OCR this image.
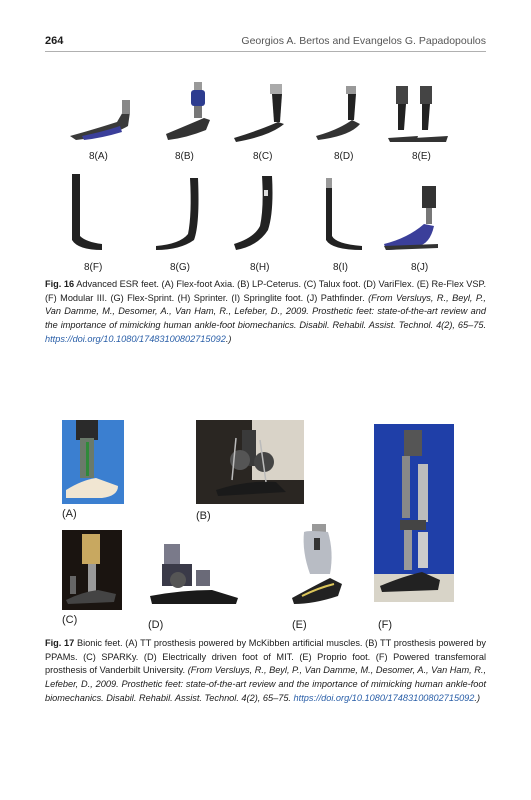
264	Georgios A. Bertos and Evangelos G. Papadopoulos
8(A)	8(B)	8(C)	8(D)	8(E)
8(F)	8(G)	8(H)	8(I)	8(J)
Fig. 16 Advanced ESR feet. (A) Flex-foot Axia. (B) LP-Ceterus. (C) Talux foot. (D) VariFlex. (E) Re-Flex VSP. (F) Modular III. (G) Flex-Sprint. (H) Sprinter. (I) Springlite foot. (J) Pathfinder. (From Versluys, R., Beyl, P., Van Damme, M., Desomer, A., Van Ham, R., Lefeber, D., 2009. Prosthetic feet: state-of-the-art review and the importance of mimicking human ankle-foot biomechanics. Disabil. Rehabil. Assist. Technol. 4(2), 65–75. https://doi.org/10.1080/17483100802715092.)
(A)	(B)
(C)	(D)	(E)	(F)
Fig. 17 Bionic feet. (A) TT prosthesis powered by McKibben artificial muscles. (B) TT prosthesis powered by PPAMs. (C) SPARKy. (D) Electrically driven foot of MIT. (E) Proprio foot. (F) Powered transfemoral prosthesis of Vanderbilt University. (From Versluys, R., Beyl, P., Van Damme, M., Desomer, A., Van Ham, R., Lefeber, D., 2009. Prosthetic feet: state-of-the-art review and the importance of mimicking human ankle-foot biomechanics. Disabil. Rehabil. Assist. Technol. 4(2), 65–75. https://doi.org/10.1080/17483100802715092.)
